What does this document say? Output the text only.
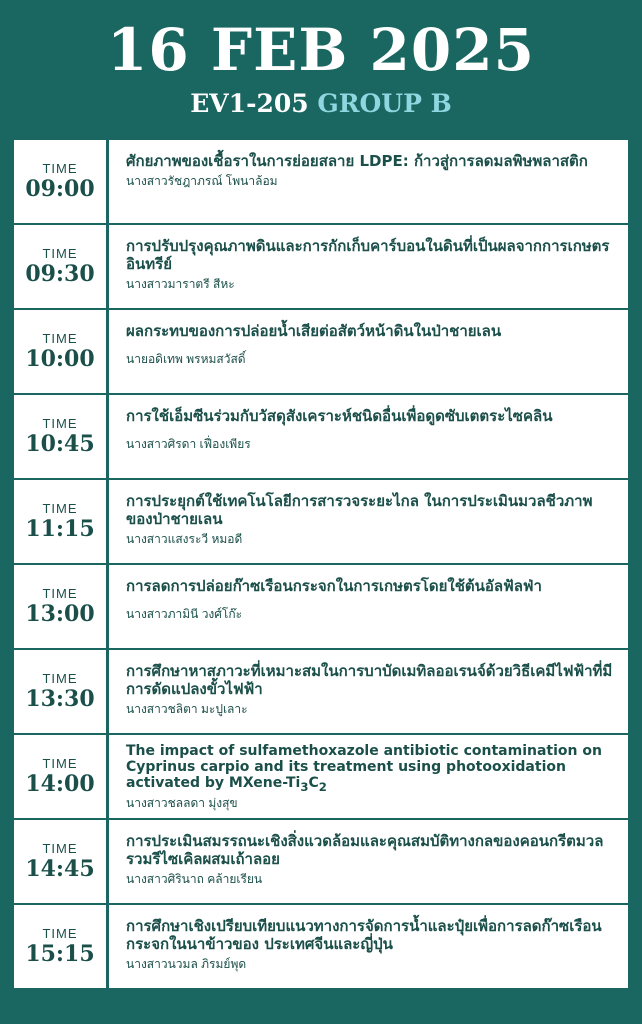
16 FEB 2025
EV1-205 GROUP B
TIME
09:00
ศักยภาพของเชื้อราในการย่อยสลาย LDPE: ก้าวสู่การลดมลพิษพลาสติก
นางสาวรัชฎาภรณ์ โพนาล้อม
TIME
09:30
การปรับปรุงคุณภาพดินและการกักเก็บคาร์บอนในดินที่เป็นผลจากการเกษตรอินทรีย์
นางสาวมาราตรี สีหะ
TIME
10:00
ผลกระทบของการปล่อยน้ำเสียต่อสัตว์หน้าดินในป่าชายเลน
นายอดิเทพ พรหมสวัสดิ์
TIME
10:45
การใช้เอ็มซีนร่วมกับวัสดุสังเคราะห์ชนิดอื่นเพื่อดูดซับเตตระไซคลิน
นางสาวศิรดา เฟื่องเพียร
TIME
11:15
การประยุกต์ใช้เทคโนโลยีการสารวจระยะไกล ในการประเมินมวลชีวภาพของป่าชายเลน
นางสาวแสงระวี หมอดี
TIME
13:00
การลดการปล่อยก๊าซเรือนกระจกในการเกษตรโดยใช้ต้นอัลฟัลฟ่า
นางสาวภามินี วงศ์โก๊ะ
TIME
13:30
การศึกษาหาสภาวะที่เหมาะสมในการบาบัดเมทิลออเรนจ์ด้วยวิธีเคมีไฟฟ้าที่มีการดัดแปลงขั้วไฟฟ้า
นางสาวชลิตา มะปูเลาะ
TIME
14:00
The impact of sulfamethoxazole antibiotic contamination on Cyprinus carpio and its treatment using photooxidation activated by MXene-$Ti_3C_2$
นางสาวชลลดา มุ่งสุข
TIME
14:45
การประเมินสมรรถนะเชิงสิ่งแวดล้อมและคุณสมบัติทางกลของคอนกรีตมวลรวมรีไซเคิลผสมเถ้าลอย
นางสาวศิรินาถ คล้ายเรียน
TIME
15:15
การศึกษาเชิงเปรียบเทียบแนวทางการจัดการน้ำและปุ๋ยเพื่อการลดก๊าซเรือนกระจกในนาข้าวของ ประเทศจีนและญี่ปุ่น
นางสาวนวมล ภิรมย์พุด
